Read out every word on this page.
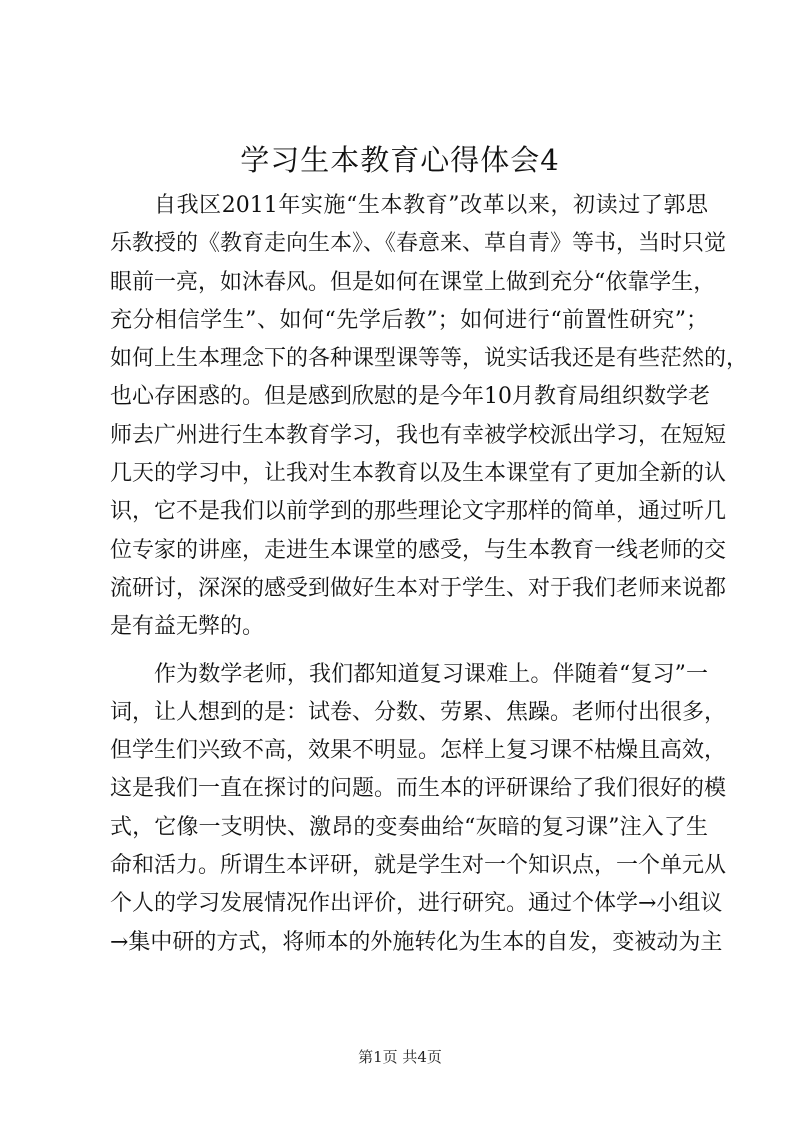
学习生本教育心得体会4
自我区2011年实施“生本教育”改革以来，初读过了郭思
乐教授的《教育走向生本》、《春意来、草自青》等书，当时只觉
眼前一亮，如沐春风。但是如何在课堂上做到充分“依靠学生，
充分相信学生”、如何“先学后教”；如何进行“前置性研究”；
如何上生本理念下的各种课型课等等，说实话我还是有些茫然的，
也心存困惑的。但是感到欣慰的是今年10月教育局组织数学老
师去广州进行生本教育学习，我也有幸被学校派出学习，在短短
几天的学习中，让我对生本教育以及生本课堂有了更加全新的认
识，它不是我们以前学到的那些理论文字那样的简单，通过听几
位专家的讲座，走进生本课堂的感受，与生本教育一线老师的交
流研讨，深深的感受到做好生本对于学生、对于我们老师来说都
是有益无弊的。
作为数学老师，我们都知道复习课难上。伴随着“复习”一
词，让人想到的是：试卷、分数、劳累、焦躁。老师付出很多，
但学生们兴致不高，效果不明显。怎样上复习课不枯燥且高效，
这是我们一直在探讨的问题。而生本的评研课给了我们很好的模
式，它像一支明快、激昂的变奏曲给“灰暗的复习课”注入了生
命和活力。所谓生本评研，就是学生对一个知识点，一个单元从
个人的学习发展情况作出评价，进行研究。通过个体学→小组议
→集中研的方式，将师本的外施转化为生本的自发，变被动为主
第1页 共4页
